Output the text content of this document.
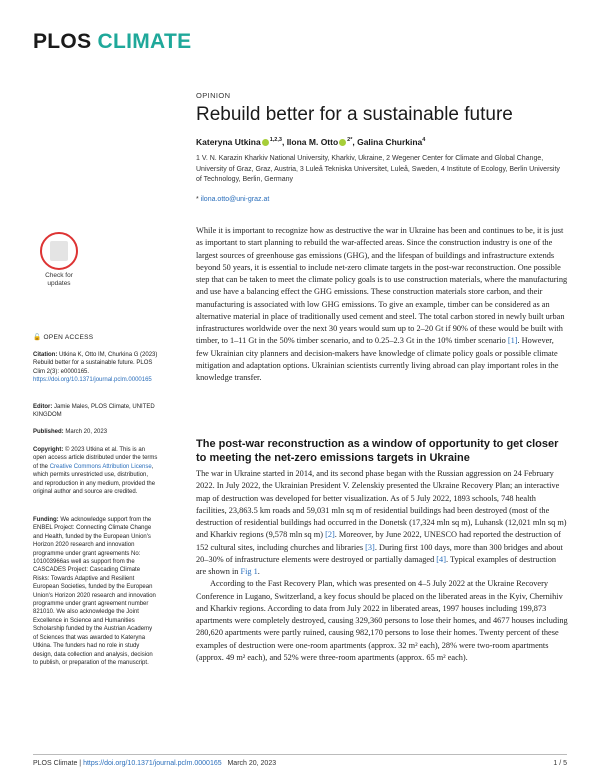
PLOS CLIMATE
OPINION
Rebuild better for a sustainable future
Kateryna Utkina $^{1,2,3}$, Ilona M. Otto $^{2*}$, Galina Churkina$^4$
1 V. N. Karazin Kharkiv National University, Kharkiv, Ukraine, 2 Wegener Center for Climate and Global Change, University of Graz, Graz, Austria, 3 Luleå Tekniska Universitet, Luleå, Sweden, 4 Institute of Ecology, Berlin University of Technology, Berlin, Germany
* ilona.otto@uni-graz.at
Check for updates
🔓 OPEN ACCESS
Citation: Utkina K, Otto IM, Churkina G (2023) Rebuild better for a sustainable future. PLOS Clim 2(3): e0000165. https://doi.org/10.1371/journal.pclm.0000165
Editor: Jamie Males, PLOS Climate, UNITED KINGDOM
Published: March 20, 2023
Copyright: © 2023 Utkina et al. This is an open access article distributed under the terms of the Creative Commons Attribution License, which permits unrestricted use, distribution, and reproduction in any medium, provided the original author and source are credited.
Funding: We acknowledge support from the ENBEL Project: Connecting Climate Change and Health, funded by the European Union's Horizon 2020 research and innovation programme under grant agreements No: 101003966as well as support from the CASCADES Project: Cascading Climate Risks: Towards Adaptive and Resilient European Societies, funded by the European Union's Horizon 2020 research and innovation programme under grant agreement number 821010. We also acknowledge the Joint Excellence in Science and Humanities Scholarship funded by the Austrian Academy of Sciences that was awarded to Kateryna Utkina. The funders had no role in study design, data collection and analysis, decision to publish, or preparation of the manuscript.

While it is important to recognize how as destructive the war in Ukraine has been and continues to be, it is just as important to start planning to rebuild the war-affected areas. Since the construction industry is one of the largest sources of greenhouse gas emissions (GHG), and the lifespan of buildings and infrastructure extends beyond 50 years, it is essential to include net-zero climate targets in the post-war reconstruction. One possible step that can be taken to meet the climate policy goals is to use construction materials, where the manufacturing and use have a balancing effect the GHG emissions. These construction materials store carbon, and their manufacturing is associated with low GHG emissions. To give an example, timber can be considered as an alternative material in place of traditionally used cement and steel. The total carbon stored in newly built urban infrastructures worldwide over the next 30 years would sum up to 2–20 Gt if 90% of these would be built with timber, to 1–11 Gt in the 50% timber scenario, and to 0.25–2.3 Gt in the 10% timber scenario [1]. However, few Ukrainian city planners and decision-makers have knowledge of climate policy goals or possible climate mitigation and adaptation options. Ukrainian scientists currently living abroad can play important roles in the knowledge transfer.

The post-war reconstruction as a window of opportunity to get closer to meeting the net-zero emissions targets in Ukraine

The war in Ukraine started in 2014, and its second phase began with the Russian aggression on 24 February 2022. In July 2022, the Ukrainian President V. Zelenskiy presented the Ukraine Recovery Plan; an interactive map of destruction was developed for better visualization. As of 5 July 2022, 1893 schools, 748 health facilities, 23,863.5 km roads and 59,031 mln sq m of residential buildings had been destroyed (most of the destruction of residential buildings had occurred in the Donetsk (17,324 mln sq m), Luhansk (12,021 mln sq m) and Kharkiv regions (9,578 mln sq m) [2]. Moreover, by June 2022, UNESCO had reported the destruction of 152 cultural sites, including churches and libraries [3]. During first 100 days, more than 300 bridges and about 20–30% of infrastructure elements were destroyed or partially damaged [4]. Typical examples of destruction are shown in Fig 1.

According to the Fast Recovery Plan, which was presented on 4–5 July 2022 at the Ukraine Recovery Conference in Lugano, Switzerland, a key focus should be placed on the liberated areas in the Kyiv, Chernihiv and Kharkiv regions. According to data from July 2022 in liberated areas, 1997 houses including 199,873 apartments were completely destroyed, causing 329,360 persons to lose their homes, and 4677 houses including 280,620 apartments were partly ruined, causing 982,170 persons to lose their homes. Twenty percent of these examples of destruction were one-room apartments (approx. 32 m² each), 28% were two-room apartments (approx. 49 m² each), and 52% were three-room apartments (approx. 65 m² each).

PLOS Climate | https://doi.org/10.1371/journal.pclm.0000165 March 20, 2023	1 / 5
